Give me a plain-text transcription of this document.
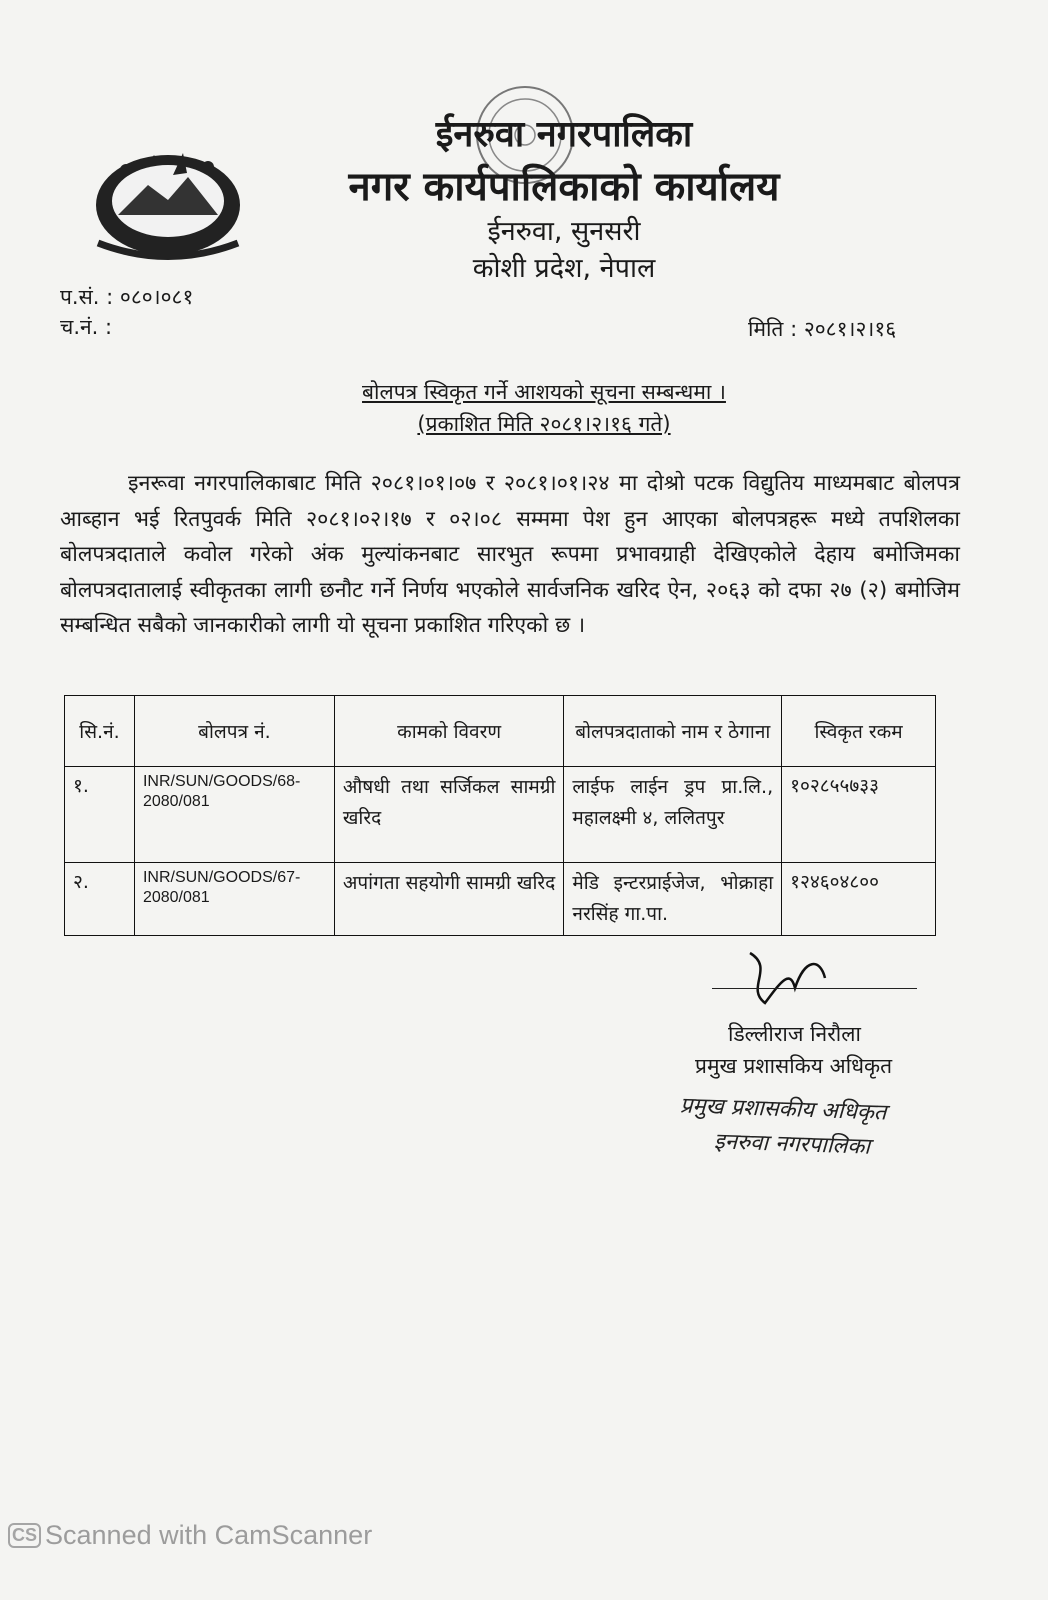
ईनरुवा नगरपालिका
नगर कार्यपालिकाको कार्यालय
ईनरुवा, सुनसरी
कोशी प्रदेश, नेपाल
प.सं. : ०८०।०८१
च.नं. :	मिति : २०८१।२।१६
बोलपत्र स्विकृत गर्ने आशयको सूचना सम्बन्धमा ।
(प्रकाशित मिति २०८१।२।१६ गते)
इनरूवा नगरपालिकाबाट मिति २०८१।०१।०७ र २०८१।०१।२४ मा दोश्रो पटक विद्युतिय माध्यमबाट बोलपत्र आब्हान भई रितपुवर्क मिति २०८१।०२।१७ र ०२।०८ सम्ममा पेश हुन आएका बोलपत्रहरू मध्ये तपशिलका बोलपत्रदाताले कवोल गरेको अंक मुल्यांकनबाट सारभुत रूपमा प्रभावग्राही देखिएकोले देहाय बमोजिमका बोलपत्रदातालाई स्वीकृतका लागी छनौट गर्ने निर्णय भएकोले सार्वजनिक खरिद ऐन, २०६३ को दफा २७ (२) बमोजिम सम्बन्धित सबैको जानकारीको लागी यो सूचना प्रकाशित गरिएको छ ।
सि.नं.	बोलपत्र नं.	कामको विवरण	बोलपत्रदाताको नाम र ठेगाना	स्विकृत रकम
१.	INR/SUN/GOODS/68-2080/081	औषधी तथा सर्जिकल सामग्री खरिद	लाईफ लाईन ड्रप प्रा.लि., महालक्ष्मी ४, ललितपुर	१०२८५५७३३
२.	INR/SUN/GOODS/67-2080/081	अपांगता सहयोगी सामग्री खरिद	मेडि इन्टरप्राईजेज, भोक्राहा नरसिंह गा.पा.	१२४६०४८००
डिल्लीराज निरौला
प्रमुख प्रशासकिय अधिकृत
प्रमुख प्रशासकीय अधिकृत
इनरुवा नगरपालिका
CS Scanned with CamScanner
